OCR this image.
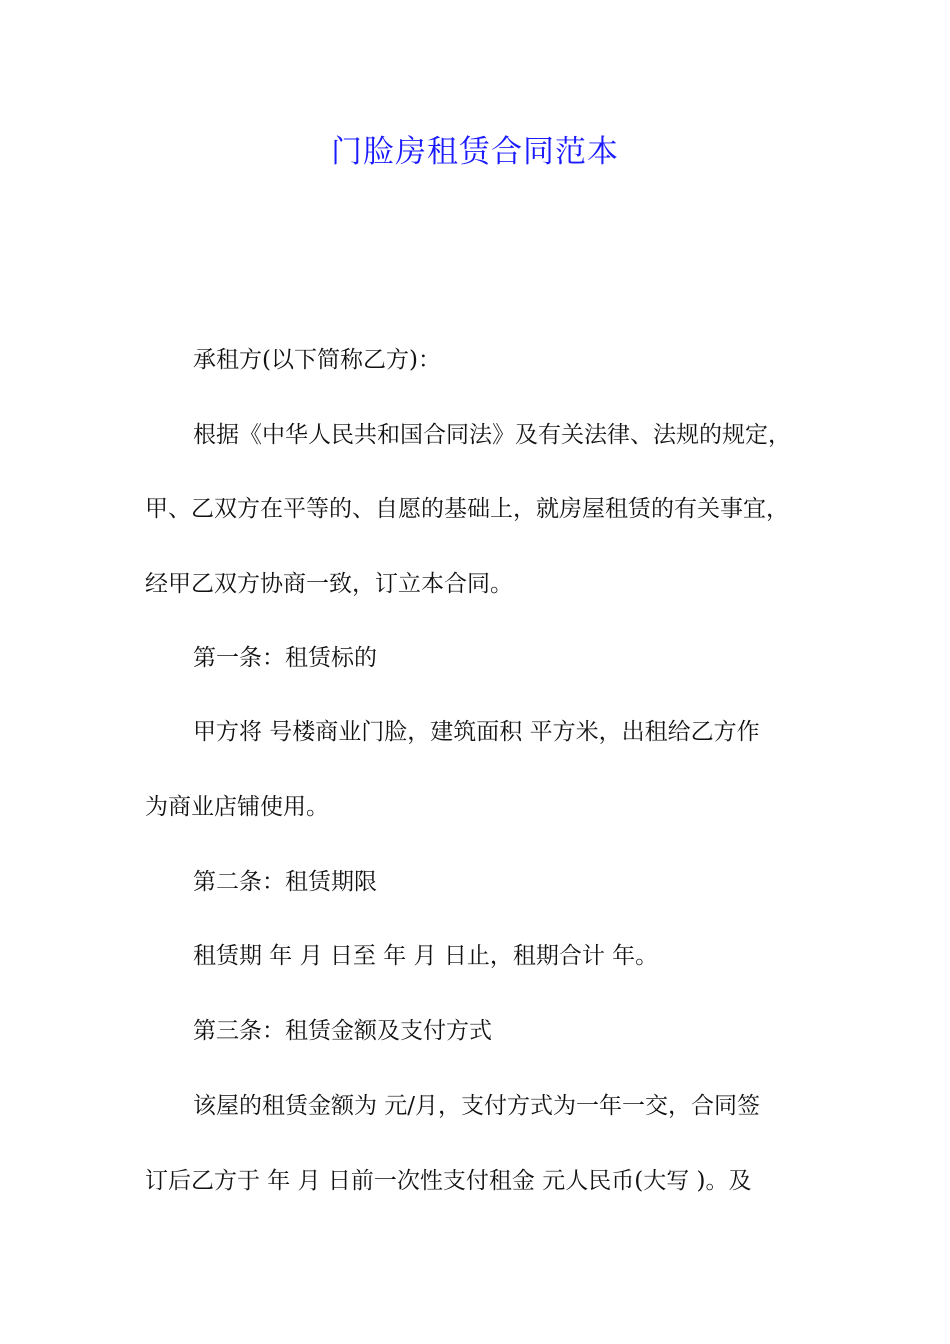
门脸房租赁合同范本
承租方(以下简称乙方)：
根据《中华人民共和国合同法》及有关法律、法规的规定，
甲、乙双方在平等的、自愿的基础上，就房屋租赁的有关事宜，
经甲乙双方协商一致，订立本合同。
第一条：租赁标的
甲方将 号楼商业门脸，建筑面积 平方米，出租给乙方作
为商业店铺使用。
第二条：租赁期限
租赁期 年 月 日至 年 月 日止，租期合计 年。
第三条：租赁金额及支付方式
该屋的租赁金额为 元/月，支付方式为一年一交，合同签
订后乙方于 年 月 日前一次性支付租金 元人民币(大写 )。及
